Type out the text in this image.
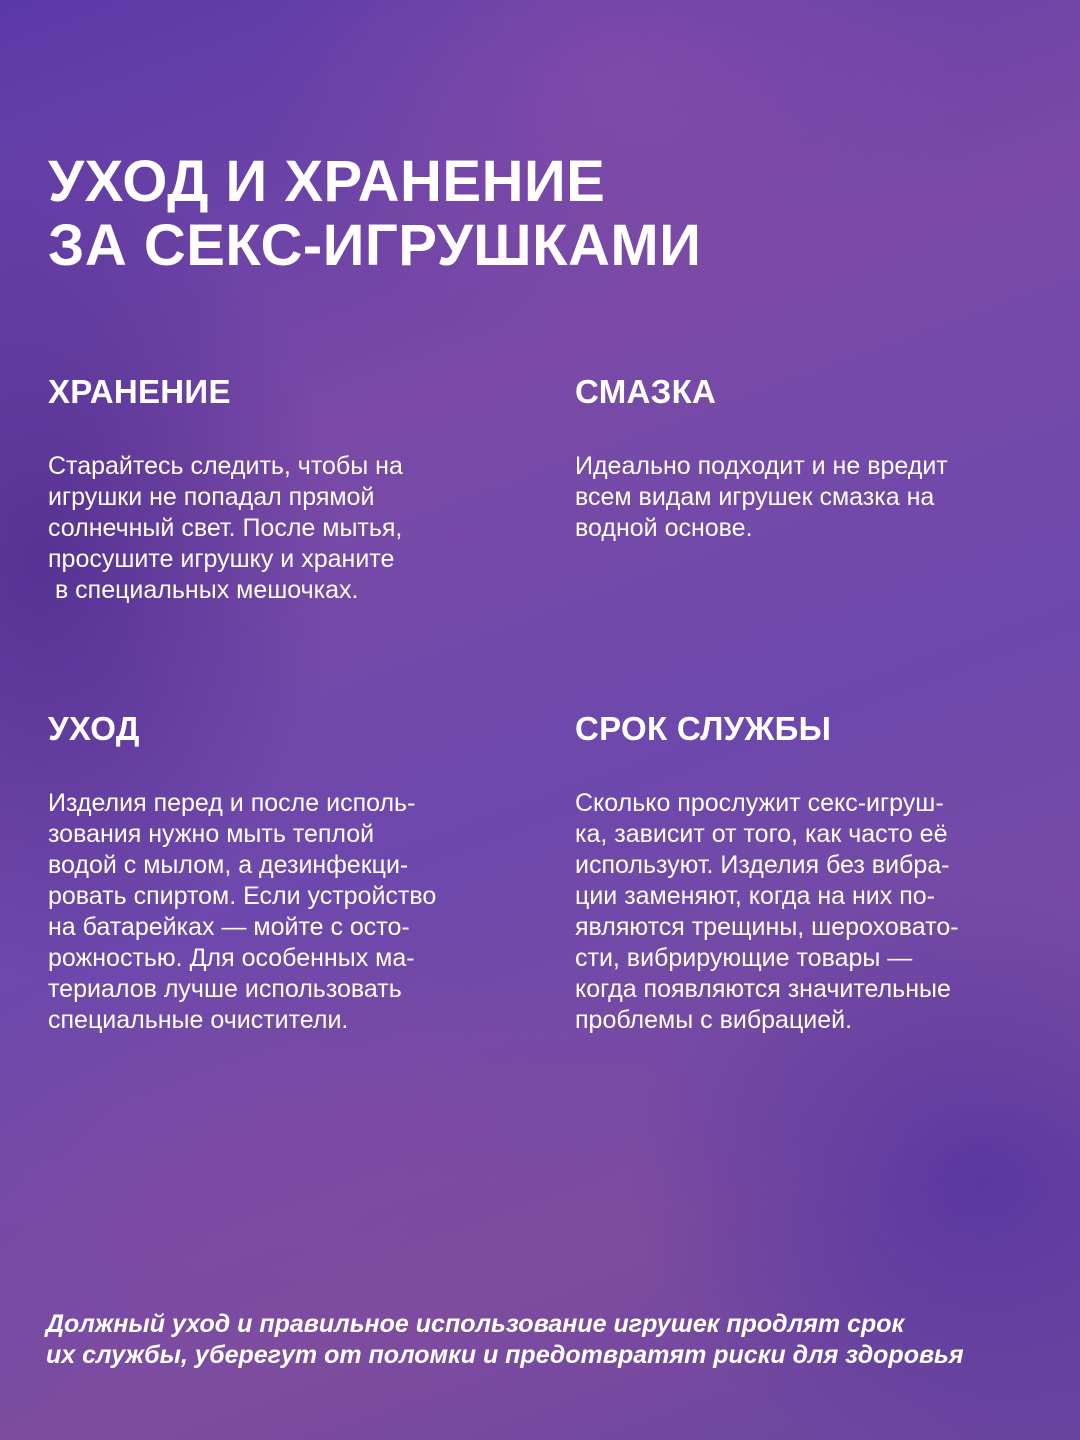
УХОД И ХРАНЕНИЕ
ЗА СЕКС-ИГРУШКАМИ
ХРАНЕНИЕ
Старайтесь следить, чтобы на
игрушки не попадал прямой
солнечный свет. После мытья,
просушите игрушку и храните
в специальных мешочках.
СМАЗКА
Идеально подходит и не вредит
всем видам игрушек смазка на
водной основе.
УХОД
Изделия перед и после исполь-
зования нужно мыть теплой
водой с мылом, а дезинфекци-
ровать спиртом. Если устройство
на батарейках — мойте с осто-
рожностью. Для особенных ма-
териалов лучше использовать
специальные очистители.
СРОК СЛУЖБЫ
Сколько прослужит секс-игруш-
ка, зависит от того, как часто её
используют. Изделия без вибра-
ции заменяют, когда на них по-
являются трещины, шероховато-
сти, вибрирующие товары —
когда появляются значительные
проблемы с вибрацией.
Должный уход и правильное использование игрушек продлят срок
их службы, уберегут от поломки и предотвратят риски для здоровья
